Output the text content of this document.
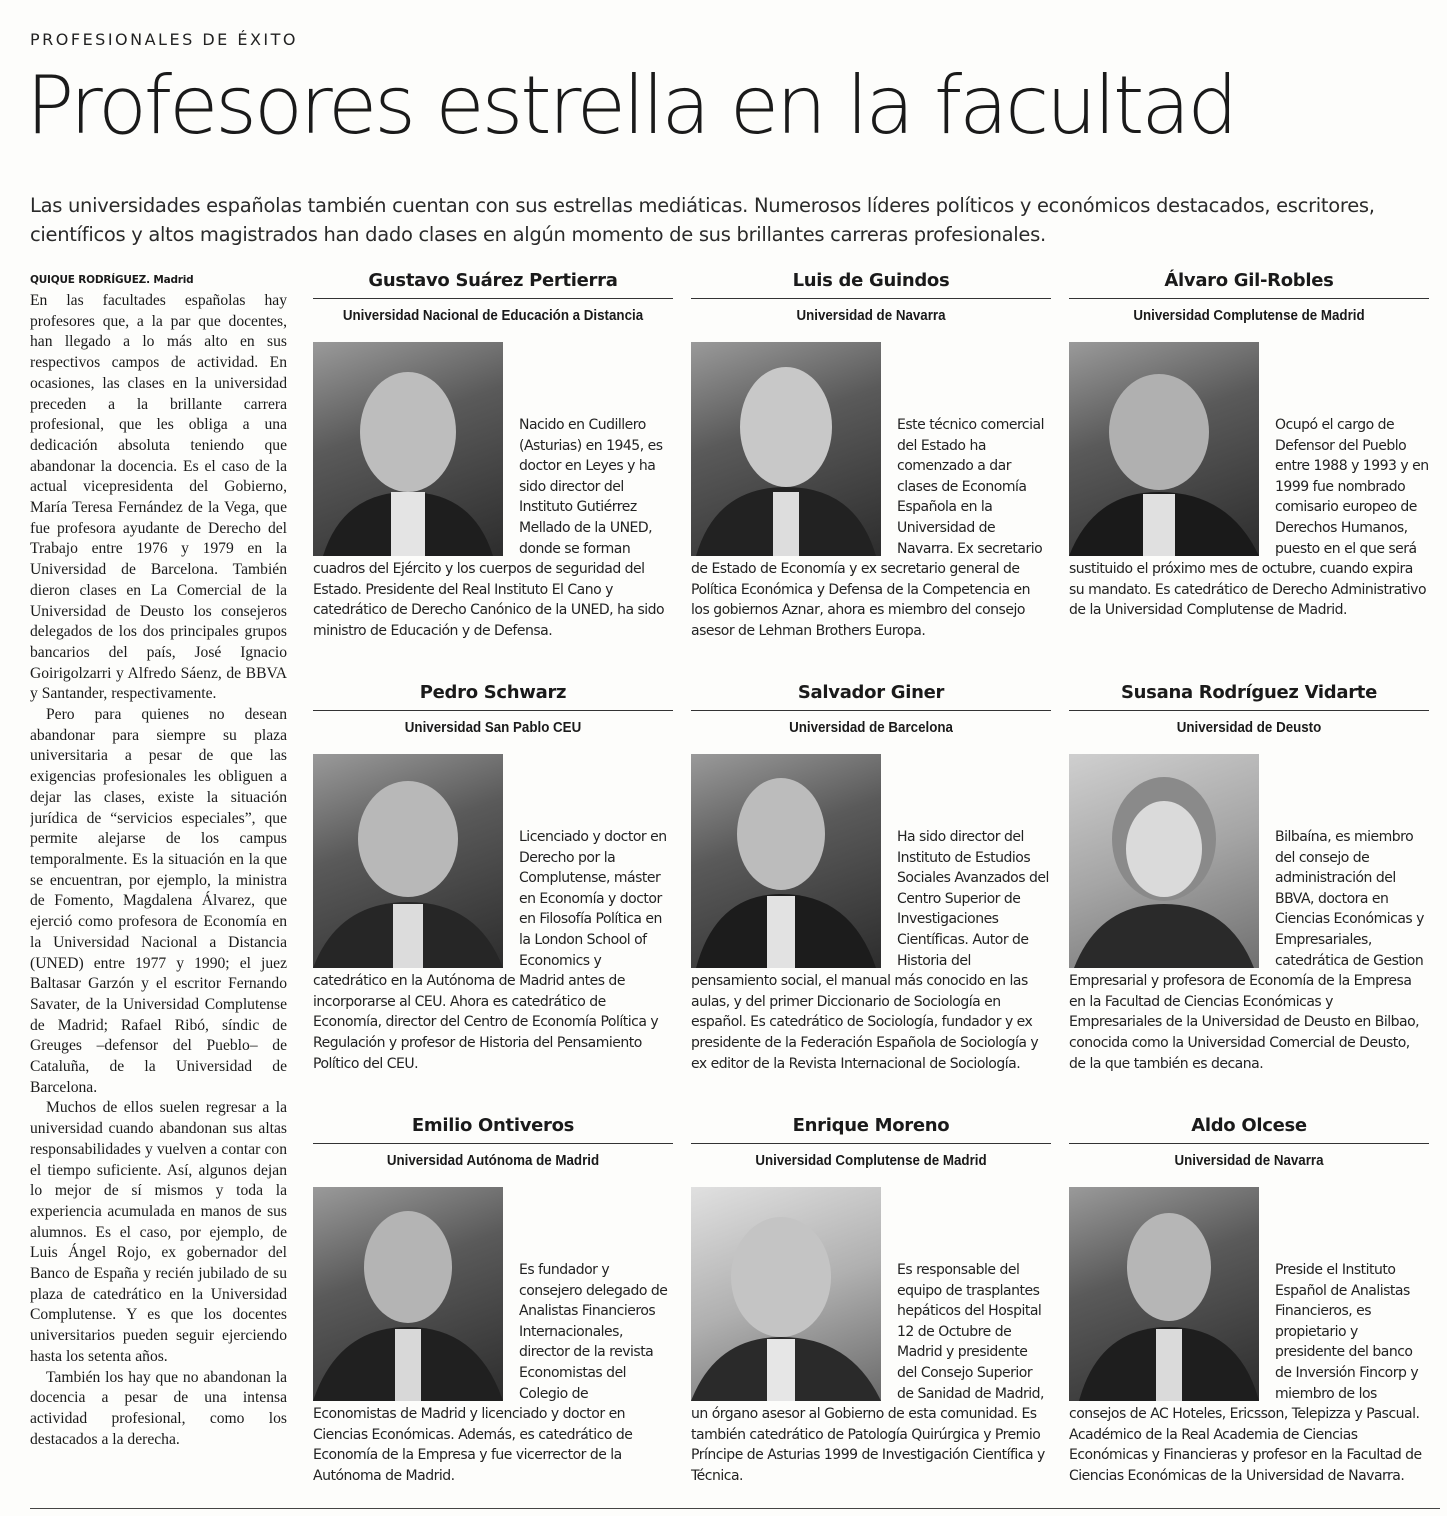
PROFESIONALES DE ÉXITO
Profesores estrella en la facultad

Las universidades españolas también cuentan con sus estrellas mediáticas. Numerosos líderes políticos y económicos destacados, escritores, científicos y altos magistrados han dado clases en algún momento de sus brillantes carreras profesionales.

QUIQUE RODRÍGUEZ. Madrid

En las facultades españolas hay profesores que, a la par que docentes, han llegado a lo más alto en sus respectivos campos de actividad. En ocasiones, las clases en la universidad preceden a la brillante carrera profesional, que les obliga a una dedicación absoluta teniendo que abandonar la docencia. Es el caso de la actual vicepresidenta del Gobierno, María Teresa Fernández de la Vega, que fue profesora ayudante de Derecho del Trabajo entre 1976 y 1979 en la Universidad de Barcelona. También dieron clases en La Comercial de la Universidad de Deusto los consejeros delegados de los dos principales grupos bancarios del país, José Ignacio Goirigolzarri y Alfredo Sáenz, de BBVA y Santander, respectivamente.

Pero para quienes no desean abandonar para siempre su plaza universitaria a pesar de que las exigencias profesionales les obliguen a dejar las clases, existe la situación jurídica de “servicios especiales”, que permite alejarse de los campus temporalmente. Es la situación en la que se encuentran, por ejemplo, la ministra de Fomento, Magdalena Álvarez, que ejerció como profesora de Economía en la Universidad Nacional a Distancia (UNED) entre 1977 y 1990; el juez Baltasar Garzón y el escritor Fernando Savater, de la Universidad Complutense de Madrid; Rafael Ribó, síndic de Greuges –defensor del Pueblo– de Cataluña, de la Universidad de Barcelona.

Muchos de ellos suelen regresar a la universidad cuando abandonan sus altas responsabilidades y vuelven a contar con el tiempo suficiente. Así, algunos dejan lo mejor de sí mismos y toda la experiencia acumulada en manos de sus alumnos. Es el caso, por ejemplo, de Luis Ángel Rojo, ex gobernador del Banco de España y recién jubilado de su plaza de catedrático en la Universidad Complutense. Y es que los docentes universitarios pueden seguir ejerciendo hasta los setenta años.

También los hay que no abandonan la docencia a pesar de una intensa actividad profesional, como los destacados a la derecha.

Gustavo Suárez Pertierra
Universidad Nacional de Educación a Distancia
Nacido en Cudillero (Asturias) en 1945, es doctor en Leyes y ha sido director del Instituto Gutiérrez Mellado de la UNED, donde se forman cuadros del Ejército y los cuerpos de seguridad del Estado. Presidente del Real Instituto El Cano y catedrático de Derecho Canónico de la UNED, ha sido ministro de Educación y de Defensa.
Luis de Guindos
Universidad de Navarra
Este técnico comercial del Estado ha comenzado a dar clases de Economía Española en la Universidad de Navarra. Ex secretario de Estado de Economía y ex secretario general de Política Económica y Defensa de la Competencia en los gobiernos Aznar, ahora es miembro del consejo asesor de Lehman Brothers Europa.
Álvaro Gil-Robles
Universidad Complutense de Madrid
Ocupó el cargo de Defensor del Pueblo entre 1988 y 1993 y en 1999 fue nombrado comisario europeo de Derechos Humanos, puesto en el que será sustituido el próximo mes de octubre, cuando expira su mandato. Es catedrático de Derecho Administrativo de la Universidad Complutense de Madrid.
Pedro Schwarz
Universidad San Pablo CEU
Licenciado y doctor en Derecho por la Complutense, máster en Economía y doctor en Filosofía Política en la London School of Economics y catedrático en la Autónoma de Madrid antes de incorporarse al CEU. Ahora es catedrático de Economía, director del Centro de Economía Política y Regulación y profesor de Historia del Pensamiento Político del CEU.
Salvador Giner
Universidad de Barcelona
Ha sido director del Instituto de Estudios Sociales Avanzados del Centro Superior de Investigaciones Científicas. Autor de Historia del pensamiento social, el manual más conocido en las aulas, y del primer Diccionario de Sociología en español. Es catedrático de Sociología, fundador y ex presidente de la Federación Española de Sociología y ex editor de la Revista Internacional de Sociología.
Susana Rodríguez Vidarte
Universidad de Deusto
Bilbaína, es miembro del consejo de administración del BBVA, doctora en Ciencias Económicas y Empresariales, catedrática de Gestion Empresarial y profesora de Economía de la Empresa en la Facultad de Ciencias Económicas y Empresariales de la Universidad de Deusto en Bilbao, conocida como la Universidad Comercial de Deusto, de la que también es decana.
Emilio Ontiveros
Universidad Autónoma de Madrid
Es fundador y consejero delegado de Analistas Financieros Internacionales, director de la revista Economistas del Colegio de Economistas de Madrid y licenciado y doctor en Ciencias Económicas. Además, es catedrático de Economía de la Empresa y fue vicerrector de la Autónoma de Madrid.
Enrique Moreno
Universidad Complutense de Madrid
Es responsable del equipo de trasplantes hepáticos del Hospital 12 de Octubre de Madrid y presidente del Consejo Superior de Sanidad de Madrid, un órgano asesor al Gobierno de esta comunidad. Es también catedrático de Patología Quirúrgica y Premio Príncipe de Asturias 1999 de Investigación Científica y Técnica.
Aldo Olcese
Universidad de Navarra
Preside el Instituto Español de Analistas Financieros, es propietario y presidente del banco de Inversión Fincorp y miembro de los consejos de AC Hoteles, Ericsson, Telepizza y Pascual. Académico de la Real Academia de Ciencias Económicas y Financieras y profesor en la Facultad de Ciencias Económicas de la Universidad de Navarra.
